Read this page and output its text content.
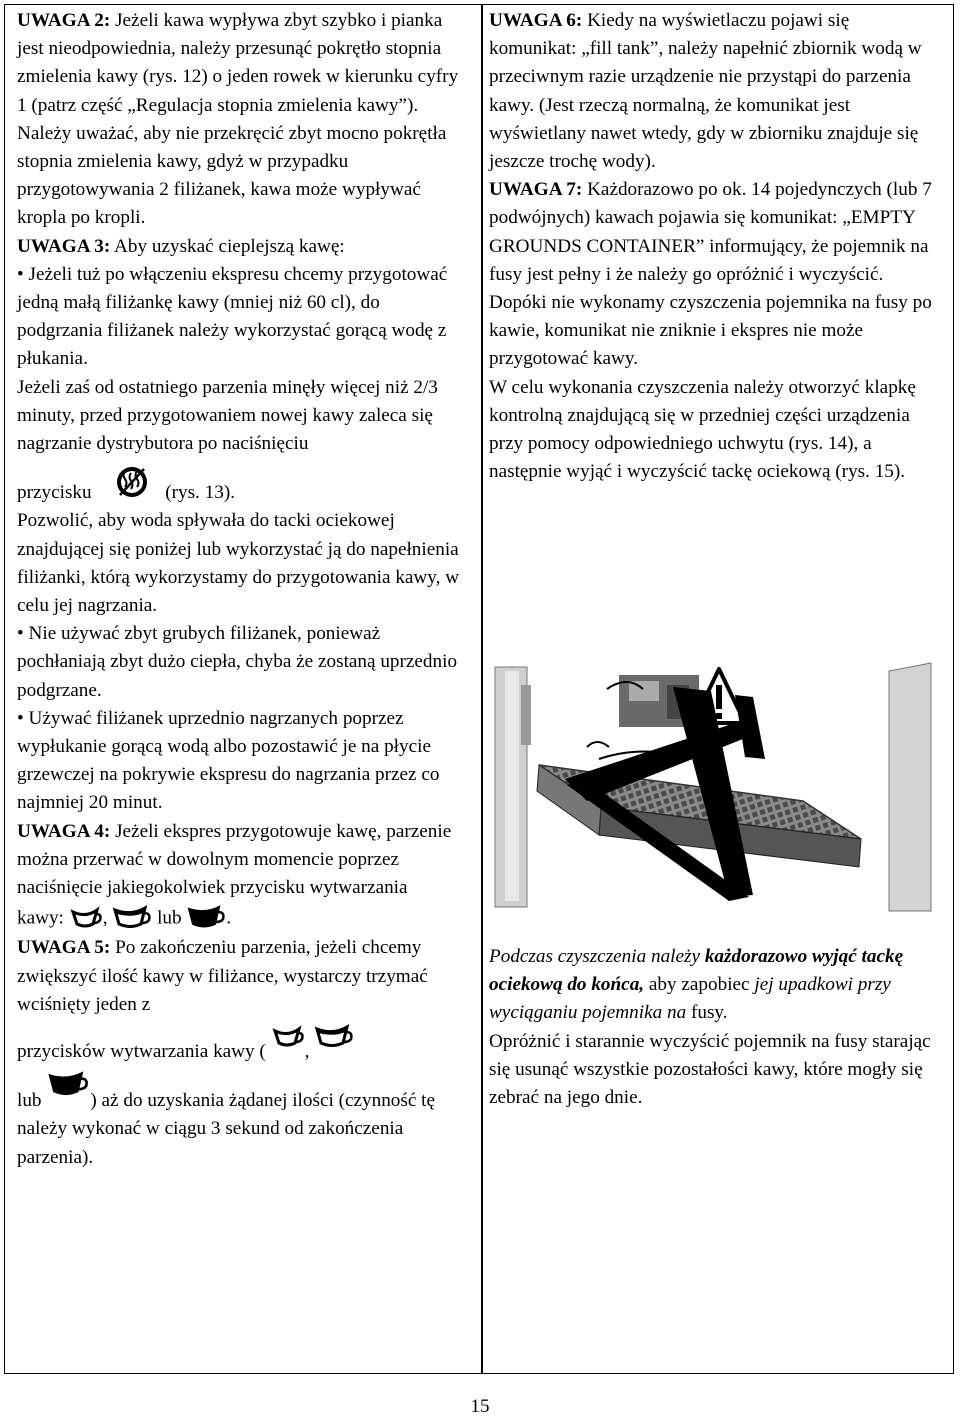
UWAGA 2: Jeżeli kawa wypływa zbyt szybko i pianka jest nieodpowiednia, należy przesunąć pokrętło stopnia zmielenia kawy (rys. 12) o jeden rowek w kierunku cyfry 1 (patrz część „Regulacja stopnia zmielenia kawy”).

Należy uważać, aby nie przekręcić zbyt mocno pokrętła stopnia zmielenia kawy, gdyż w przypadku przygotowywania 2 filiżanek, kawa może wypływać kropla po kropli.

UWAGA 3: Aby uzyskać cieplejszą kawę:

• Jeżeli tuż po włączeniu ekspresu chcemy przygotować jedną małą filiżankę kawy (mniej niż 60 cl), do podgrzania filiżanek należy wykorzystać gorącą wodę z płukania.

Jeżeli zaś od ostatniego parzenia minęły więcej niż 2/3 minuty, przed przygotowaniem nowej kawy zaleca się nagrzanie dystrybutora po naciśnięciu

przycisku	(rys. 13).

Pozwolić, aby woda spływała do tacki ociekowej znajdującej się poniżej lub wykorzystać ją do napełnienia filiżanki, którą wykorzystamy do przygotowania kawy, w celu jej nagrzania.

• Nie używać zbyt grubych filiżanek, ponieważ pochłaniają zbyt dużo ciepła, chyba że zostaną uprzednio podgrzane.

• Używać filiżanek uprzednio nagrzanych poprzez wypłukanie gorącą wodą albo pozostawić je na płycie grzewczej na pokrywie ekspresu do nagrzania przez co najmniej 20 minut.

UWAGA 4: Jeżeli ekspres przygotowuje kawę, parzenie można przerwać w dowolnym momencie poprzez naciśnięcie jakiegokolwiek przycisku wytwarzania

kawy: ,  lub .

UWAGA 5: Po zakończeniu parzenia, jeżeli chcemy zwiększyć ilość kawy w filiżance, wystarczy trzymać wciśnięty jeden z

przycisków wytwarzania kawy ( ,

lub ) aż do uzyskania żądanej ilości (czynność tę należy wykonać w ciągu 3 sekund od zakończenia parzenia).

UWAGA 6: Kiedy na wyświetlaczu pojawi się komunikat: „fill tank”, należy napełnić zbiornik wodą w przeciwnym razie urządzenie nie przystąpi do parzenia kawy. (Jest rzeczą normalną, że komunikat jest wyświetlany nawet wtedy, gdy w zbiorniku znajduje się jeszcze trochę wody).

UWAGA 7: Każdorazowo po ok. 14 pojedynczych (lub 7 podwójnych) kawach pojawia się komunikat: „EMPTY GROUNDS CONTAINER” informujący, że pojemnik na fusy jest pełny i że należy go opróżnić i wyczyścić.

Dopóki nie wykonamy czyszczenia pojemnika na fusy po kawie, komunikat nie zniknie i ekspres nie może przygotować kawy.

W celu wykonania czyszczenia należy otworzyć klapkę kontrolną znajdującą się w przedniej części urządzenia przy pomocy odpowiedniego uchwytu (rys. 14), a następnie wyjąć i wyczyścić tackę ociekową (rys. 15).

Podczas czyszczenia należy każdorazowo wyjąć tackę ociekową do końca, aby zapobiec jej upadkowi przy wyciąganiu pojemnika na fusy.

Opróżnić i starannie wyczyścić pojemnik na fusy starając się usunąć wszystkie pozostałości kawy, które mogły się zebrać na jego dnie.

15
